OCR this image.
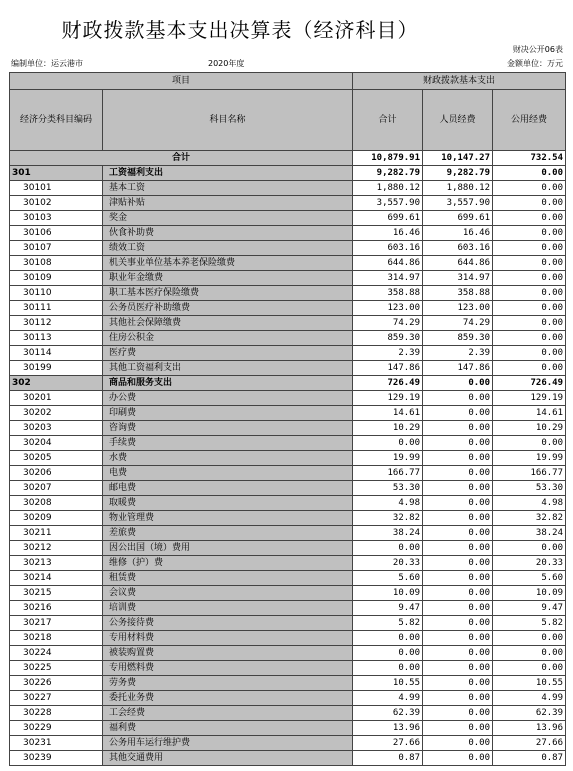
财政拨款基本支出决算表（经济科目）
财决公开06表
金额单位：万元
编制单位：运云港市	2020年度
项目		财政拨款基本支出		
经济分类科目编码	科目名称	合计	人员经费	公用经费
合计		10,879.91	10,147.27	732.54
301	工资福利支出	9,282.79	9,282.79	0.00
30101	基本工资	1,880.12	1,880.12	0.00
30102	津贴补贴	3,557.90	3,557.90	0.00
30103	奖金	699.61	699.61	0.00
30106	伙食补助费	16.46	16.46	0.00
30107	绩效工资	603.16	603.16	0.00
30108	机关事业单位基本养老保险缴费	644.86	644.86	0.00
30109	职业年金缴费	314.97	314.97	0.00
30110	职工基本医疗保险缴费	358.88	358.88	0.00
30111	公务员医疗补助缴费	123.00	123.00	0.00
30112	其他社会保障缴费	74.29	74.29	0.00
30113	住房公积金	859.30	859.30	0.00
30114	医疗费	2.39	2.39	0.00
30199	其他工资福利支出	147.86	147.86	0.00
302	商品和服务支出	726.49	0.00	726.49
30201	办公费	129.19	0.00	129.19
30202	印刷费	14.61	0.00	14.61
30203	咨询费	10.29	0.00	10.29
30204	手续费	0.00	0.00	0.00
30205	水费	19.99	0.00	19.99
30206	电费	166.77	0.00	166.77
30207	邮电费	53.30	0.00	53.30
30208	取暖费	4.98	0.00	4.98
30209	物业管理费	32.82	0.00	32.82
30211	差旅费	38.24	0.00	38.24
30212	因公出国（境）费用	0.00	0.00	0.00
30213	维修（护）费	20.33	0.00	20.33
30214	租赁费	5.60	0.00	5.60
30215	会议费	10.09	0.00	10.09
30216	培训费	9.47	0.00	9.47
30217	公务接待费	5.82	0.00	5.82
30218	专用材料费	0.00	0.00	0.00
30224	被装购置费	0.00	0.00	0.00
30225	专用燃料费	0.00	0.00	0.00
30226	劳务费	10.55	0.00	10.55
30227	委托业务费	4.99	0.00	4.99
30228	工会经费	62.39	0.00	62.39
30229	福利费	13.96	0.00	13.96
30231	公务用车运行维护费	27.66	0.00	27.66
30239	其他交通费用	0.87	0.00	0.87
